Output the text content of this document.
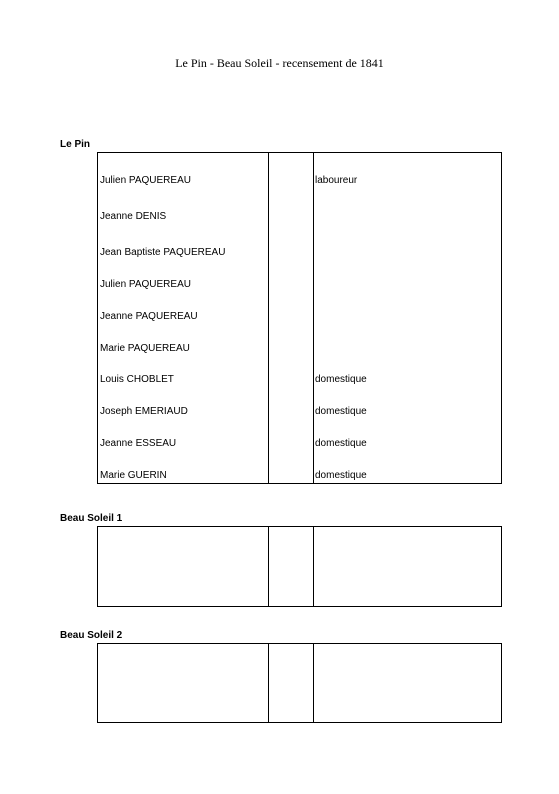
Le Pin - Beau Soleil - recensement de 1841
Le Pin
Julien PAQUEREAU	laboureur
Jeanne DENIS
Jean Baptiste PAQUEREAU
Julien PAQUEREAU
Jeanne PAQUEREAU
Marie PAQUEREAU
Louis CHOBLET	domestique
Joseph EMERIAUD	domestique
Jeanne ESSEAU	domestique
Marie GUERIN	domestique
Beau Soleil 1
Beau Soleil 2
